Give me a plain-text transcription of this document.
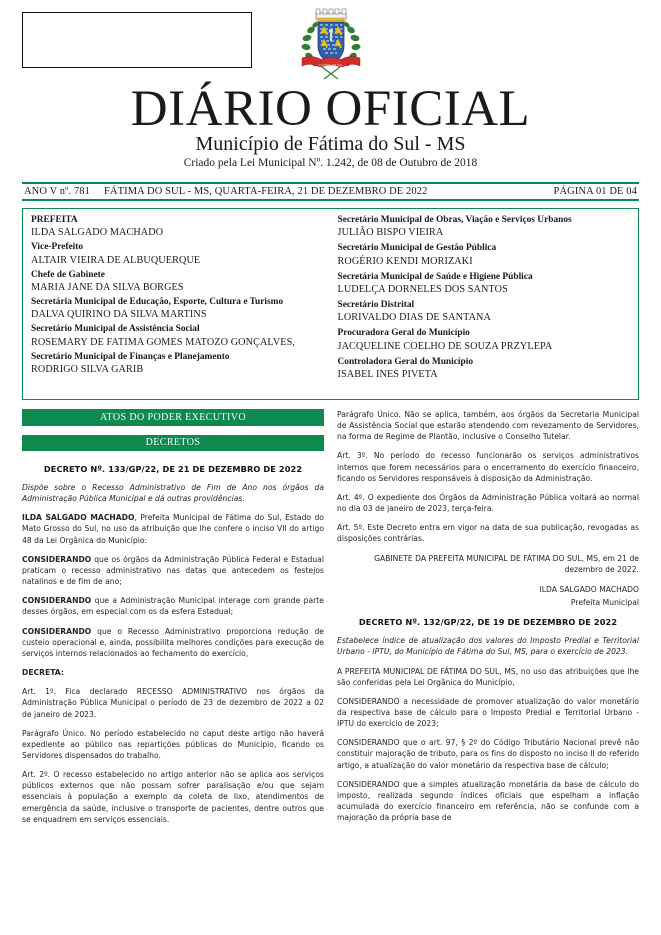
FÁTIMA DO SUL
DIÁRIO OFICIAL
Município de Fátima do Sul - MS
Criado pela Lei Municipal Nº. 1.242, de 08 de Outubro de 2018
ANO V nº. 781 FÁTIMA DO SUL - MS, QUARTA-FEIRA, 21 DE DEZEMBRO DE 2022	PÁGINA 01 DE 04

PREFEITA

ILDA SALGADO MACHADO

Vice-Prefeito

ALTAIR VIEIRA DE ALBUQUERQUE

Chefe de Gabinete

MARIA JANE DA SILVA BORGES

Secretária Municipal de Educação, Esporte, Cultura e Turismo

DALVA QUIRINO DA SILVA MARTINS

Secretário Municipal de Assistência Social

ROSEMARY DE FATIMA GOMES MATOZO GONÇALVES,

Secretário Municipal de Finanças e Planejamento

RODRIGO SILVA GARIB

Secretário Municipal de Obras, Viação e Serviços Urbanos

JULIÃO BISPO VIEIRA

Secretário Municipal de Gestão Pública

ROGÉRIO KENDI MORIZAKI

Secretária Municipal de Saúde e Higiene Pública

LUDELÇA DORNELES DOS SANTOS

Secretário Distrital

LORIVALDO DIAS DE SANTANA

Procuradora Geral do Município

JACQUELINE COELHO DE SOUZA PRZYLEPA

Controladora Geral do Município

ISABEL INES PIVETA

ATOS DO PODER EXECUTIVO
DECRETOS

DECRETO Nº. 133/GP/22, DE 21 DE DEZEMBRO DE 2022

Dispõe sobre o Recesso Administrativo de Fim de Ano nos órgãos da Administração Pública Municipal e dá outras providências.

ILDA SALGADO MACHADO, Prefeita Municipal de Fátima do Sul, Estado do Mato Grosso do Sul, no uso da atribuição que lhe confere o inciso VII do artigo 48 da Lei Orgânica do Município:

CONSIDERANDO que os órgãos da Administração Pública Federal e Estadual praticam o recesso administrativo nas datas que antecedem os festejos natalinos e de fim de ano;

CONSIDERANDO que a Administração Municipal interage com grande parte desses órgãos, em especial com os da esfera Estadual;

CONSIDERANDO que o Recesso Administrativo proporciona redução de custeio operacional e, ainda, possibilita melhores condições para execução de serviços internos relacionados ao fechamento do exercício,

DECRETA:

Art. 1º. Fica declarado RECESSO ADMINISTRATIVO nos órgãos da Administração Pública Municipal o período de 23 de dezembro de 2022 a 02 de janeiro de 2023.

Parágrafo Único. No período estabelecido no caput deste artigo não haverá expediente ao público nas repartições públicas do Município, ficando os Servidores dispensados do trabalho.

Art. 2º. O recesso estabelecido no artigo anterior não se aplica aos serviços públicos externos que não possam sofrer paralisação e/ou que sejam essenciais à população a exemplo da coleta de lixo, atendimentos de emergência da saúde, inclusive o transporte de pacientes, dentre outros que se enquadrem em serviços essenciais.

Parágrafo Único. Não se aplica, também, aos órgãos da Secretaria Municipal de Assistência Social que estarão atendendo com revezamento de Servidores, na forma de Regime de Plantão, inclusive o Conselho Tutelar.

Art. 3º. No período do recesso funcionarão os serviços administrativos internos que forem necessários para o encerramento do exercício financeiro, ficando os Servidores responsáveis à disposição da Administração.

Art. 4º. O expediente dos Órgãos da Administração Pública voltará ao normal no dia 03 de janeiro de 2023, terça-feira.

Art. 5º. Este Decreto entra em vigor na data de sua publicação, revogadas as disposições contrárias.

GABINETE DA PREFEITA MUNICIPAL DE FÁTIMA DO SUL, MS, em 21 de dezembro de 2022.

ILDA SALGADO MACHADO

Prefeita Municipal

DECRETO Nº. 132/GP/22, DE 19 DE DEZEMBRO DE 2022

Estabelece índice de atualização dos valores do Imposto Predial e Territorial Urbano - IPTU, do Município de Fátima do Sul, MS, para o exercício de 2023.

A PREFEITA MUNICIPAL DE FÁTIMA DO SUL, MS, no uso das atribuições que lhe são conferidas pela Lei Orgânica do Município,

CONSIDERANDO a necessidade de promover atualização do valor monetário da respectiva base de cálculo para o Imposto Predial e Territorial Urbano - IPTU do exercício de 2023;

CONSIDERANDO que o art. 97, § 2º do Código Tributário Nacional prevê não constituir majoração de tributo, para os fins do disposto no inciso II do referido artigo, a atualização do valor monetário da respectiva base de cálculo;

CONSIDERANDO que a simples atualização monetária da base de cálculo do imposto, realizada segundo índices oficiais que espelham a inflação acumulada do exercício financeiro em referência, não se confunde com a majoração da própria base de
